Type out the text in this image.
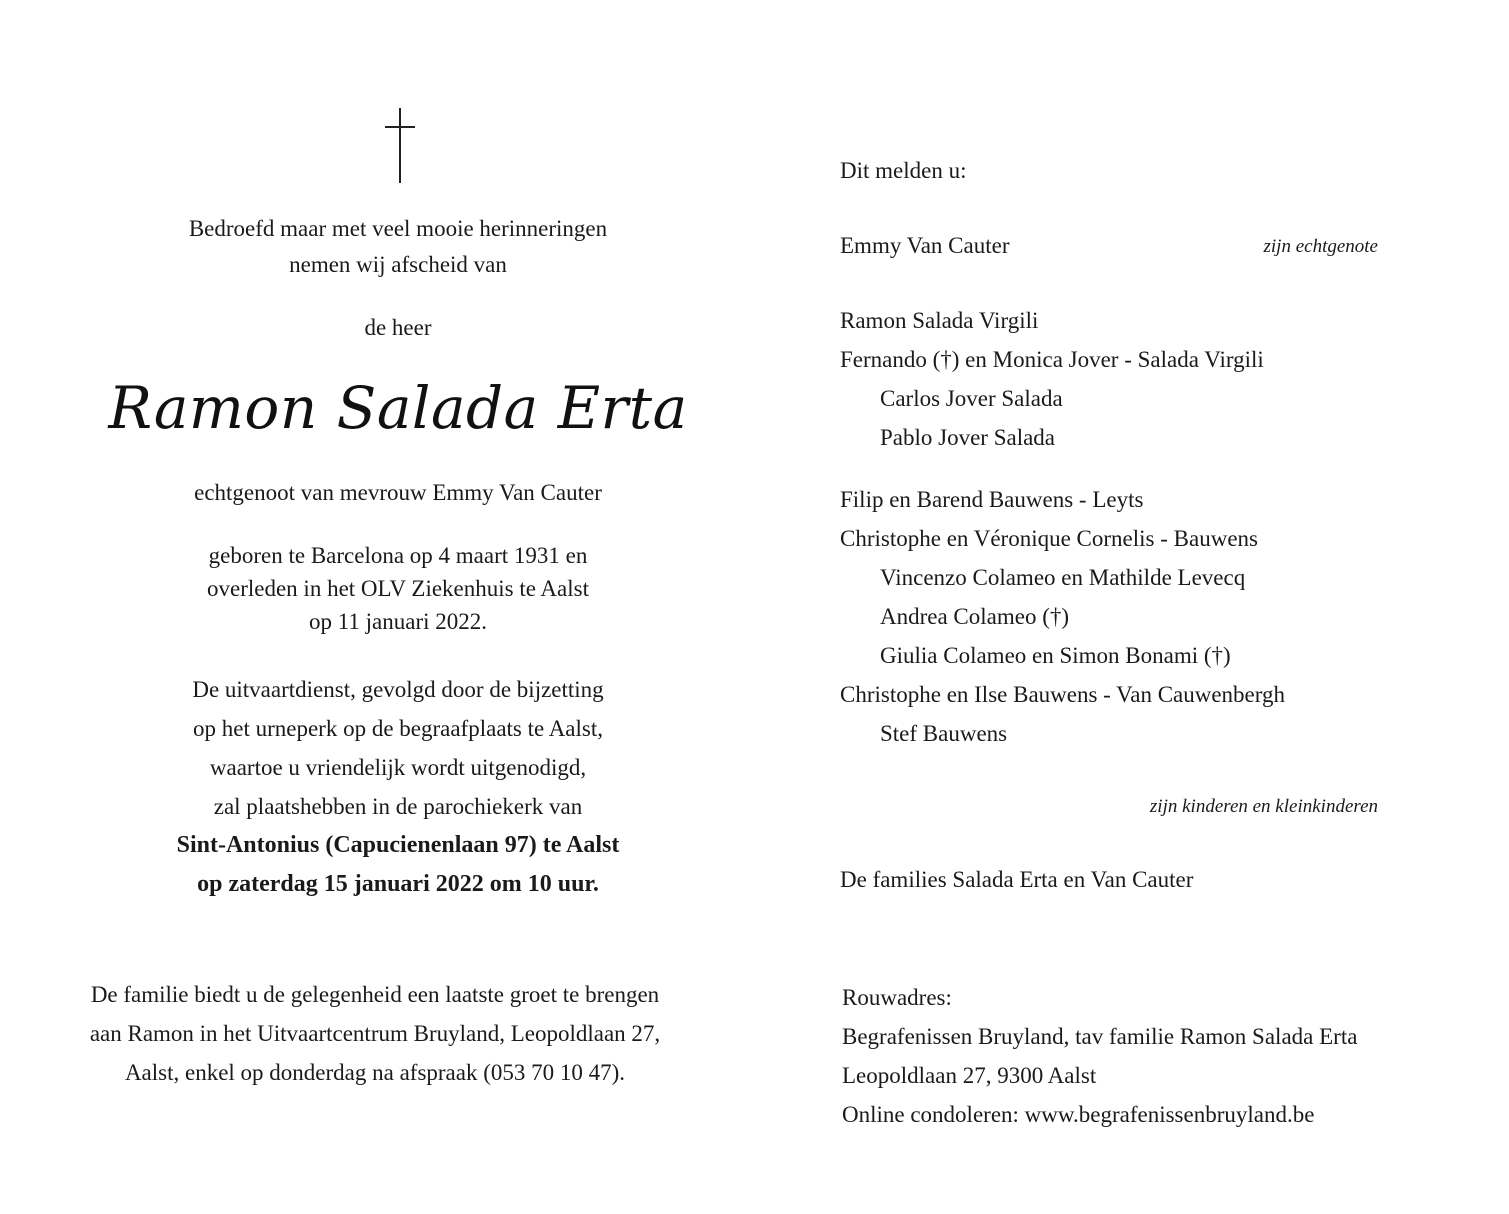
Bedroefd maar met veel mooie herinneringen
nemen wij afscheid van
de heer
Ramon Salada Erta
echtgenoot van mevrouw Emmy Van Cauter
geboren te Barcelona op 4 maart 1931 en
overleden in het OLV Ziekenhuis te Aalst
op 11 januari 2022.
De uitvaartdienst, gevolgd door de bijzetting
op het urneperk op de begraafplaats te Aalst,
waartoe u vriendelijk wordt uitgenodigd,
zal plaatshebben in de parochiekerk van
Sint-Antonius (Capucienenlaan 97) te Aalst
op zaterdag 15 januari 2022 om 10 uur.
De familie biedt u de gelegenheid een laatste groet te brengen
aan Ramon in het Uitvaartcentrum Bruyland, Leopoldlaan 27,
Aalst, enkel op donderdag na afspraak (053 70 10 47).
Dit melden u:
Emmy Van Cauter	zijn echtgenote
Ramon Salada Virgili
Fernando (†) en Monica Jover - Salada Virgili
Carlos Jover Salada
Pablo Jover Salada
Filip en Barend Bauwens - Leyts
Christophe en Véronique Cornelis - Bauwens
Vincenzo Colameo en Mathilde Levecq
Andrea Colameo (†)
Giulia Colameo en Simon Bonami (†)
Christophe en Ilse Bauwens - Van Cauwenbergh
Stef Bauwens
zijn kinderen en kleinkinderen
De families Salada Erta en Van Cauter
Rouwadres:
Begrafenissen Bruyland, tav familie Ramon Salada Erta
Leopoldlaan 27, 9300 Aalst
Online condoleren: www.begrafenissenbruyland.be
